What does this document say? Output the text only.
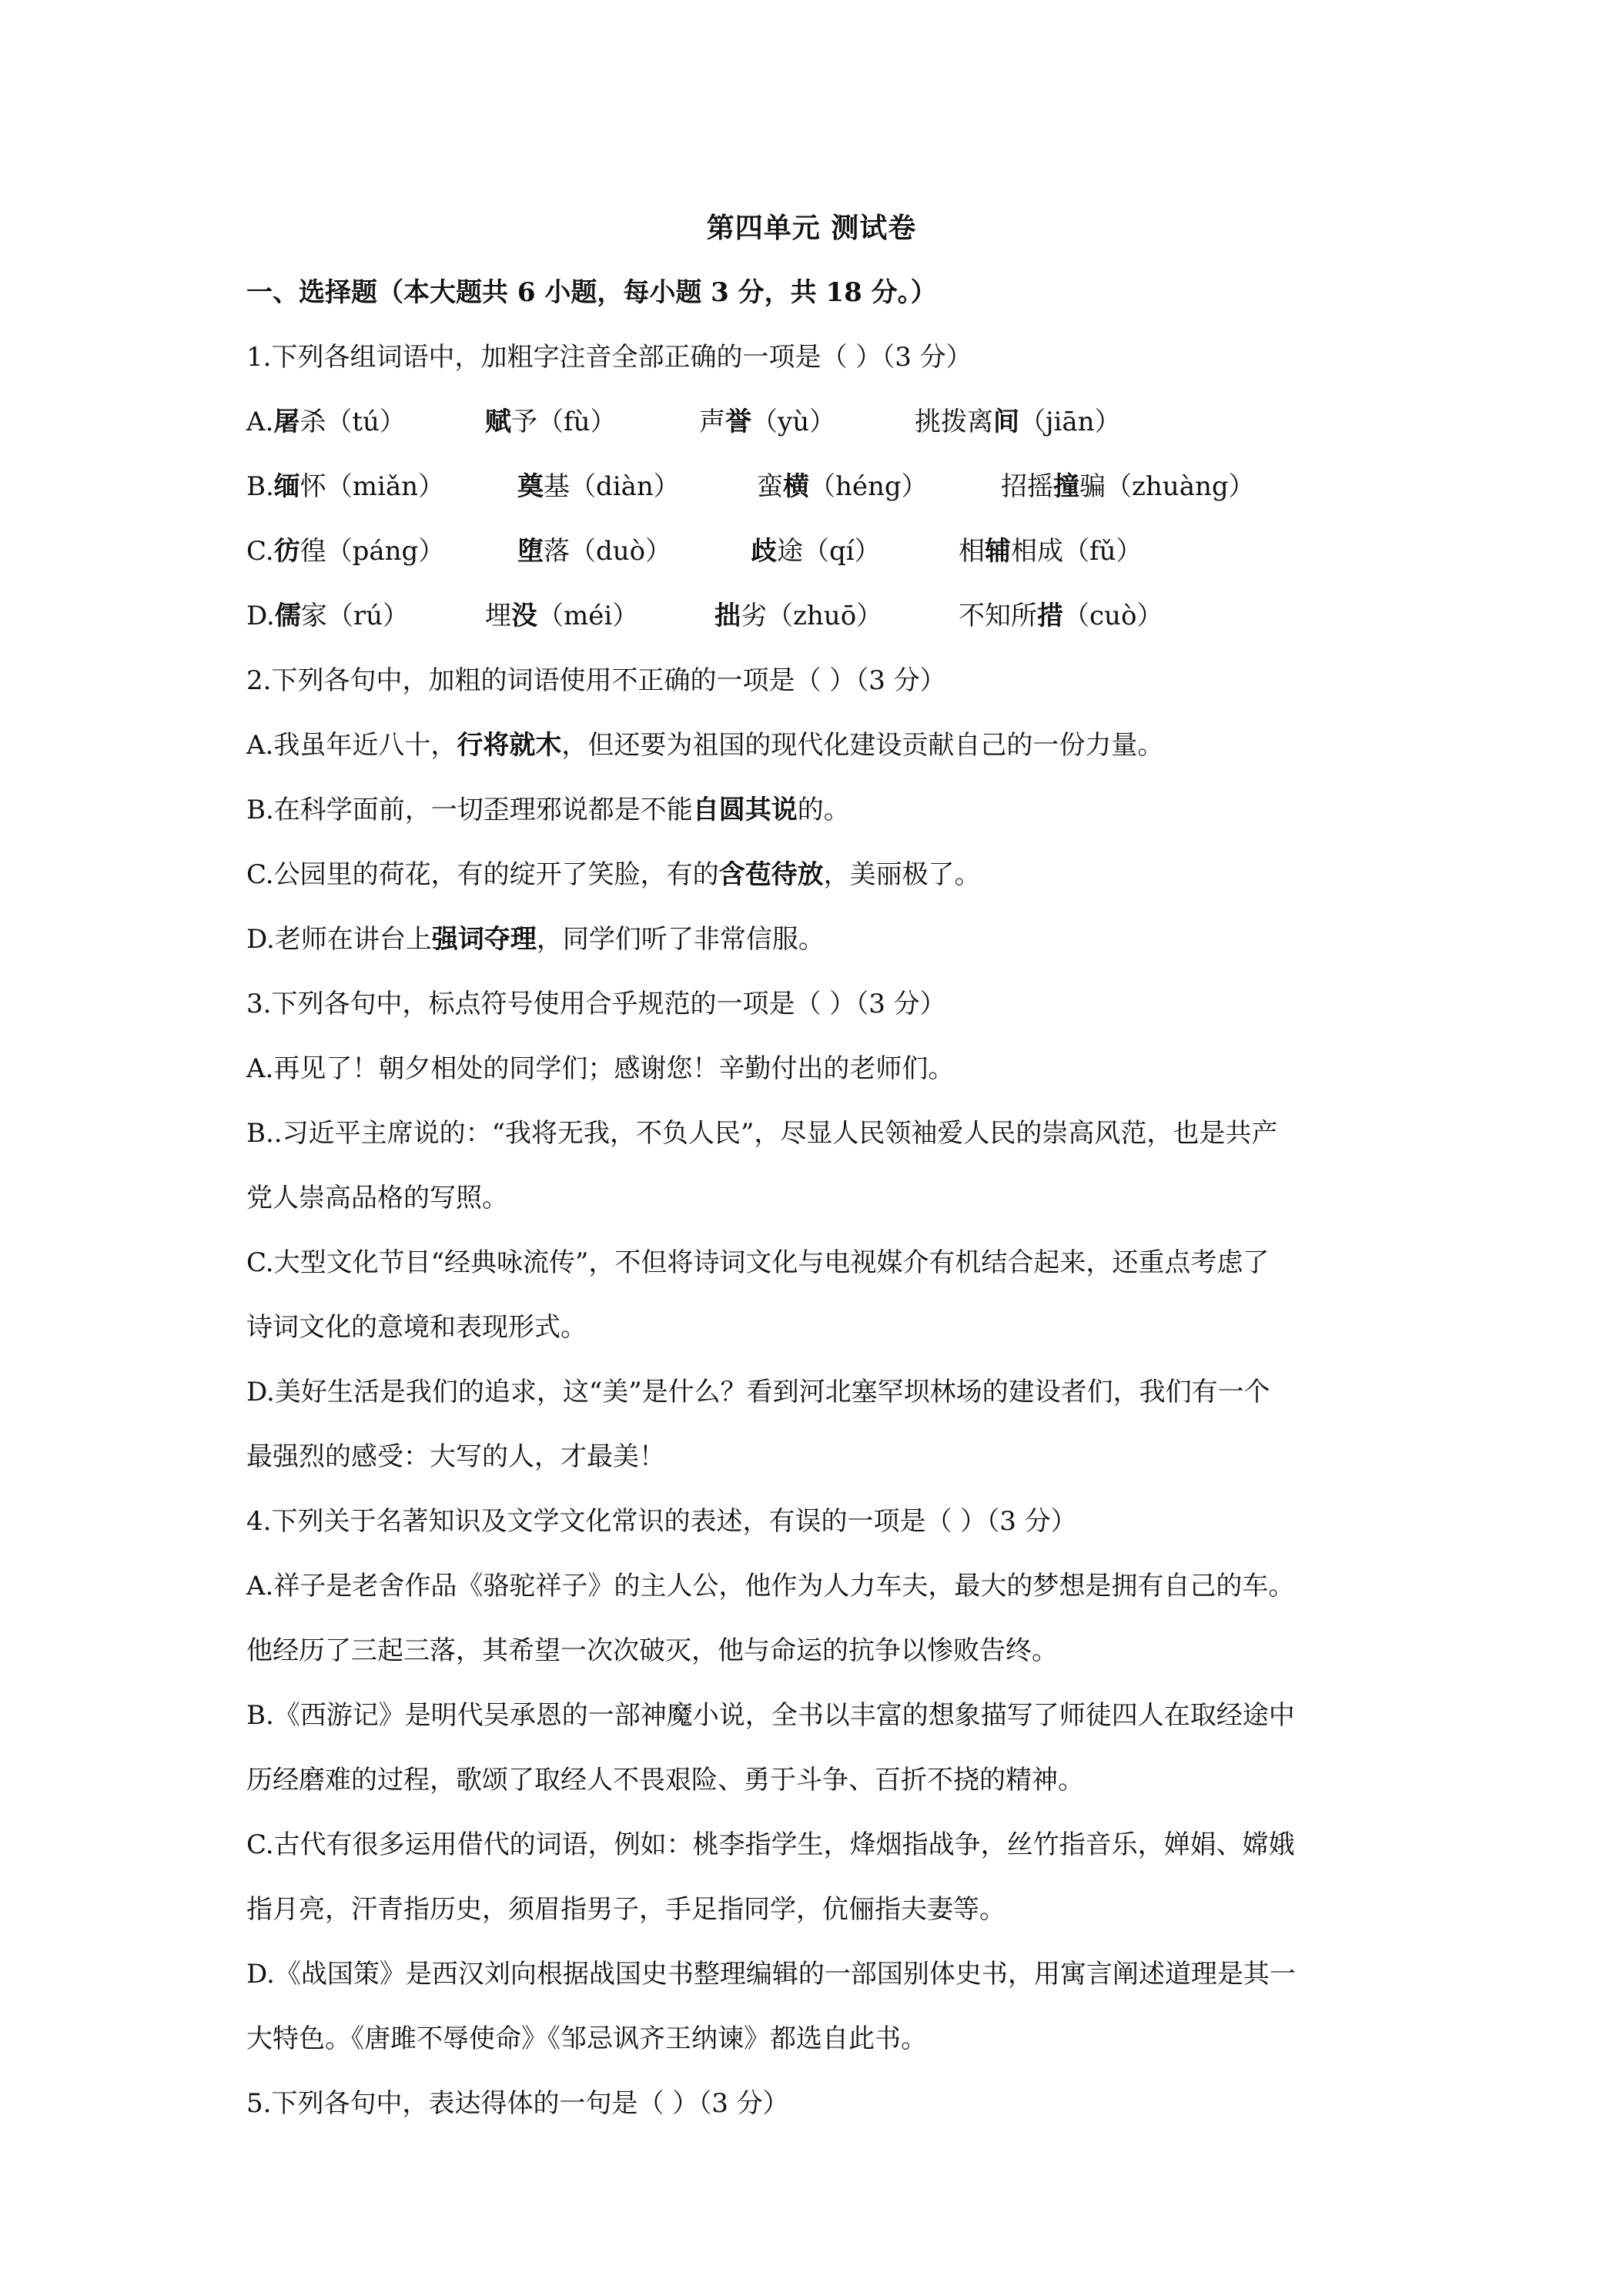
第四单元 测试卷
一、选择题（本大题共 6 小题，每小题 3 分，共 18 分。）
1.下列各组词语中，加粗字注音全部正确的一项是（ ）（3 分）
A.屠杀（tú）	赋予（fù）	声誉（yù）	挑拨离间（jiān）
B.缅怀（miǎn）	奠基（diàn）	蛮横（héng）	招摇撞骗（zhuàng）
C.彷徨（páng）	堕落（duò）	歧途（qí）	相辅相成（fǔ）
D.儒家（rú）	埋没（méi）	拙劣（zhuō）	不知所措（cuò）
2.下列各句中，加粗的词语使用不正确的一项是（ ）（3 分）
A.我虽年近八十，行将就木，但还要为祖国的现代化建设贡献自己的一份力量。
B.在科学面前，一切歪理邪说都是不能自圆其说的。
C.公园里的荷花，有的绽开了笑脸，有的含苞待放，美丽极了。
D.老师在讲台上强词夺理，同学们听了非常信服。
3.下列各句中，标点符号使用合乎规范的一项是（ ）（3 分）
A.再见了！朝夕相处的同学们；感谢您！辛勤付出的老师们。
B..习近平主席说的：“我将无我，不负人民”，尽显人民领袖爱人民的崇高风范，也是共产
党人崇高品格的写照。
C.大型文化节目“经典咏流传”，不但将诗词文化与电视媒介有机结合起来，还重点考虑了
诗词文化的意境和表现形式。
D.美好生活是我们的追求，这“美”是什么？看到河北塞罕坝林场的建设者们，我们有一个
最强烈的感受：大写的人，才最美！
4.下列关于名著知识及文学文化常识的表述，有误的一项是（ ）（3 分）
A.祥子是老舍作品《骆驼祥子》的主人公，他作为人力车夫，最大的梦想是拥有自己的车。
他经历了三起三落，其希望一次次破灭，他与命运的抗争以惨败告终。
B.《西游记》是明代吴承恩的一部神魔小说，全书以丰富的想象描写了师徒四人在取经途中
历经磨难的过程，歌颂了取经人不畏艰险、勇于斗争、百折不挠的精神。
C.古代有很多运用借代的词语，例如：桃李指学生，烽烟指战争，丝竹指音乐，婵娟、嫦娥
指月亮，汗青指历史，须眉指男子，手足指同学，伉俪指夫妻等。
D.《战国策》是西汉刘向根据战国史书整理编辑的一部国别体史书，用寓言阐述道理是其一
大特色。《唐雎不辱使命》《邹忌讽齐王纳谏》都选自此书。
5.下列各句中，表达得体的一句是（ ）（3 分）
